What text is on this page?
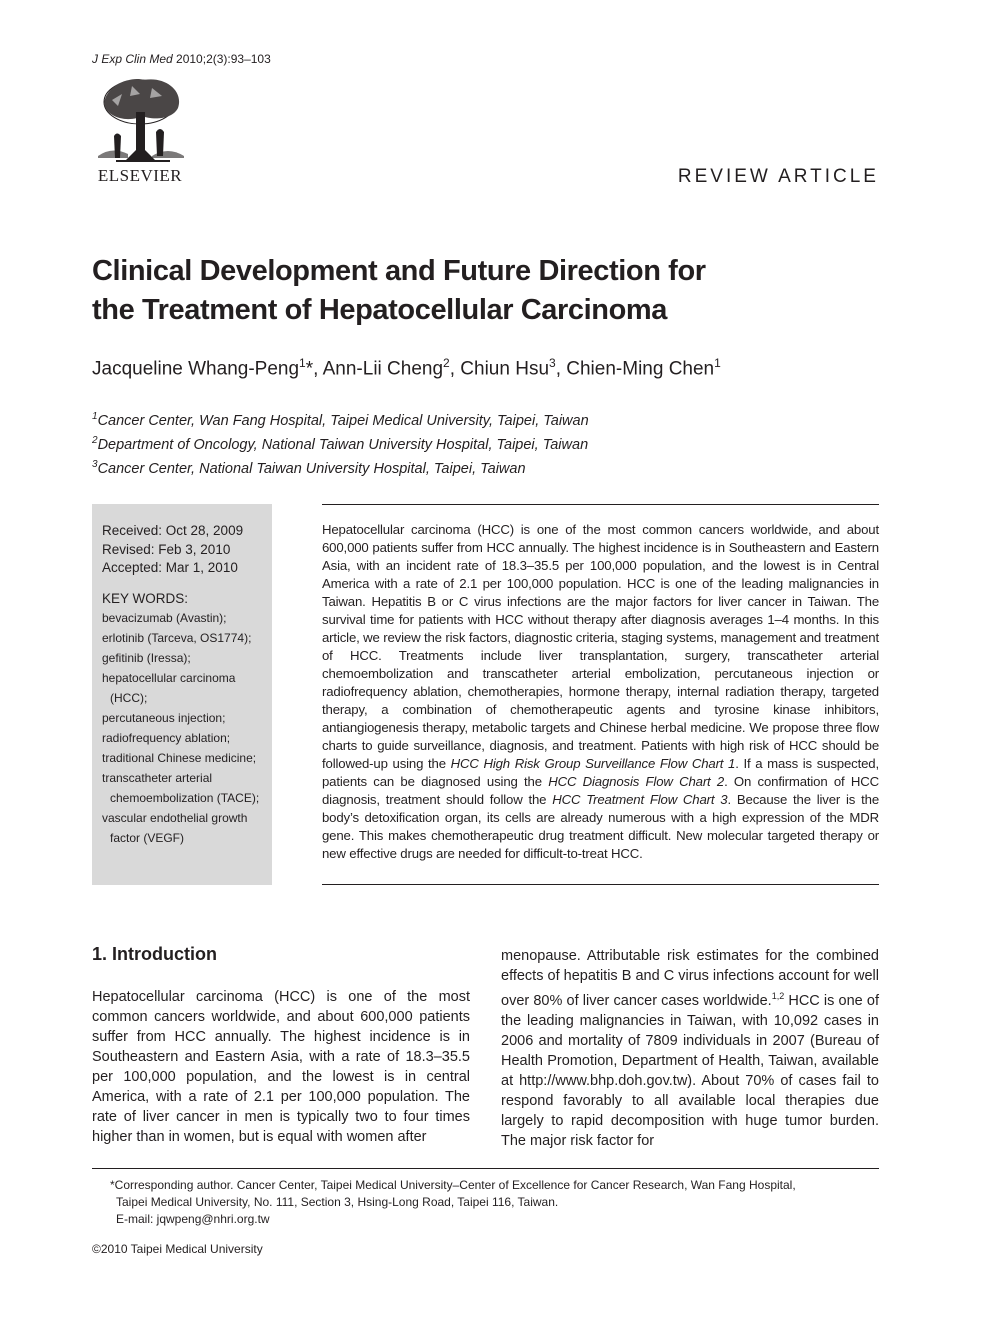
J Exp Clin Med 2010;2(3):93–103
ELSEVIER	REVIEW ARTICLE
Clinical Development and Future Direction for
the Treatment of Hepatocellular Carcinoma
Jacqueline Whang-Peng$^1$*, Ann-Lii Cheng$^2$, Chiun Hsu$^3$, Chien-Ming Chen$^1$
$^1$Cancer Center, Wan Fang Hospital, Taipei Medical University, Taipei, Taiwan
$^2$Department of Oncology, National Taiwan University Hospital, Taipei, Taiwan
$^3$Cancer Center, National Taiwan University Hospital, Taipei, Taiwan
Received: Oct 28, 2009
Revised: Feb 3, 2010
Accepted: Mar 1, 2010
KEY WORDS:
bevacizumab (Avastin);
erlotinib (Tarceva, OS1774);
gefitinib (Iressa);
hepatocellular carcinoma
(HCC);
percutaneous injection;
radiofrequency ablation;
traditional Chinese medicine;
transcatheter arterial
chemoembolization (TACE);
vascular endothelial growth
factor (VEGF)
Hepatocellular carcinoma (HCC) is one of the most common cancers worldwide, and about 600,000 patients suffer from HCC annually. The highest incidence is in Southeastern and Eastern Asia, with an incident rate of 18.3–35.5 per 100,000 population, and the lowest is in Central America with a rate of 2.1 per 100,000 population. HCC is one of the leading malignancies in Taiwan. Hepatitis B or C virus infections are the major factors for liver cancer in Taiwan. The survival time for patients with HCC without therapy after diagnosis averages 1–4 months. In this article, we review the risk factors, diagnostic criteria, staging systems, management and treatment of HCC. Treatments include liver transplantation, surgery, transcatheter arterial chemoembolization and transcatheter arterial embolization, percutaneous injection or radiofrequency ablation, chemotherapies, hormone therapy, internal radiation therapy, targeted therapy, a combination of chemotherapeutic agents and tyrosine kinase inhibitors, antiangiogenesis therapy, metabolic targets and Chinese herbal medicine. We propose three flow charts to guide surveillance, diagnosis, and treatment. Patients with high risk of HCC should be followed-up using the HCC High Risk Group Surveillance Flow Chart 1. If a mass is suspected, patients can be diagnosed using the HCC Diagnosis Flow Chart 2. On confirmation of HCC diagnosis, treatment should follow the HCC Treatment Flow Chart 3. Because the liver is the body’s detoxification organ, its cells are already numerous with a high expression of the MDR gene. This makes chemotherapeutic drug treatment difficult. New molecular targeted therapy or new effective drugs are needed for difficult-to-treat HCC.
1. Introduction
Hepatocellular carcinoma (HCC) is one of the most common cancers worldwide, and about 600,000 patients suffer from HCC annually. The highest incidence is in Southeastern and Eastern Asia, with a rate of 18.3–35.5 per 100,000 population, and the lowest is in central America, with a rate of 2.1 per 100,000 population. The rate of liver cancer in men is typically two to four times higher than in women, but is equal with women after
menopause. Attributable risk estimates for the combined effects of hepatitis B and C virus infections account for well over 80% of liver cancer cases worldwide.$^{1,2}$ HCC is one of the leading malignancies in Taiwan, with 10,092 cases in 2006 and mortality of 7809 individuals in 2007 (Bureau of Health Promotion, Department of Health, Taiwan, available at http://www.bhp.doh.gov.tw). About 70% of cases fail to respond favorably to all available local therapies due largely to rapid decomposition with huge tumor burden. The major risk factor for
*Corresponding author. Cancer Center, Taipei Medical University–Center of Excellence for Cancer Research, Wan Fang Hospital,
Taipei Medical University, No. 111, Section 3, Hsing-Long Road, Taipei 116, Taiwan.
E-mail: jqwpeng@nhri.org.tw
©2010 Taipei Medical University
